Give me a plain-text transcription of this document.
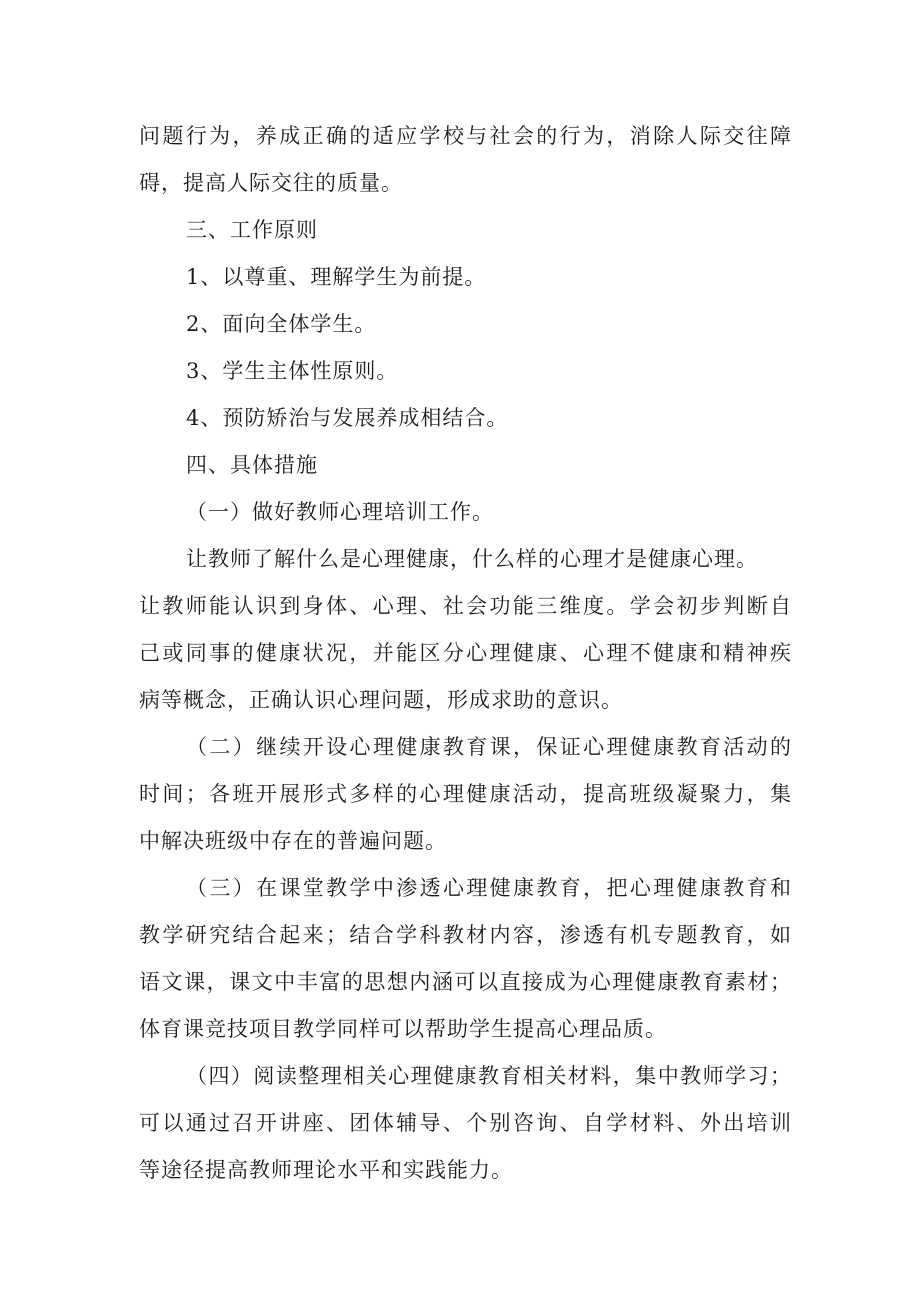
问题行为，养成正确的适应学校与社会的行为，消除人际交往障
碍，提高人际交往的质量。
三、工作原则
1、以尊重、理解学生为前提。
2、面向全体学生。
3、学生主体性原则。
4、预防矫治与发展养成相结合。
四、具体措施
（一）做好教师心理培训工作。
让教师了解什么是心理健康，什么样的心理才是健康心理。
让教师能认识到身体、心理、社会功能三维度。学会初步判断自
己或同事的健康状况，并能区分心理健康、心理不健康和精神疾
病等概念，正确认识心理问题，形成求助的意识。
（二）继续开设心理健康教育课，保证心理健康教育活动的
时间；各班开展形式多样的心理健康活动，提高班级凝聚力，集
中解决班级中存在的普遍问题。
（三）在课堂教学中渗透心理健康教育，把心理健康教育和
教学研究结合起来；结合学科教材内容，渗透有机专题教育，如
语文课，课文中丰富的思想内涵可以直接成为心理健康教育素材；
体育课竞技项目教学同样可以帮助学生提高心理品质。
（四）阅读整理相关心理健康教育相关材料，集中教师学习；
可以通过召开讲座、团体辅导、个别咨询、自学材料、外出培训
等途径提高教师理论水平和实践能力。
